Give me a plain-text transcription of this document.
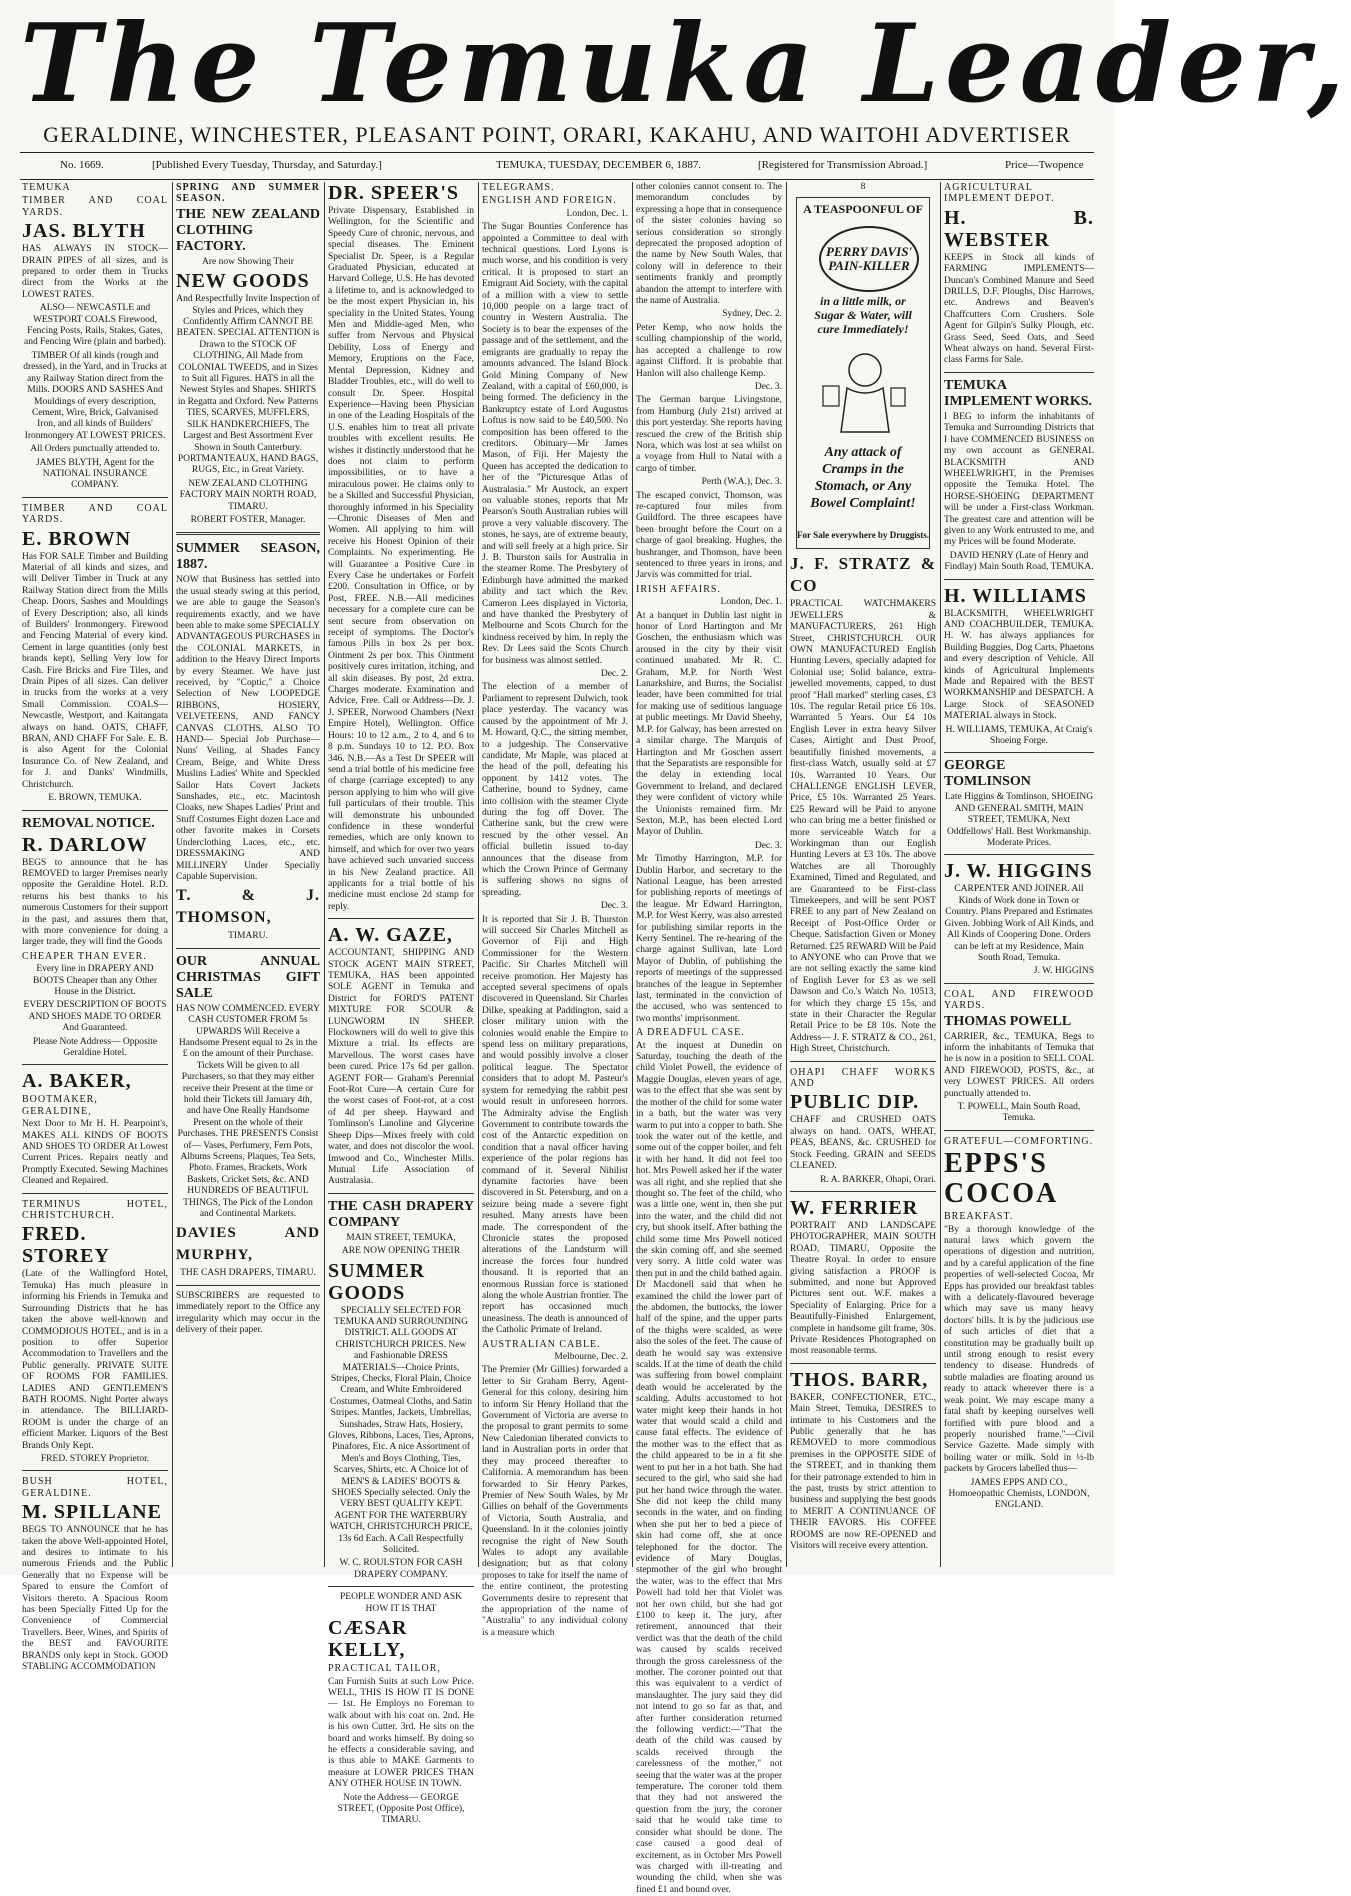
The Temuka Leader,
GERALDINE, WINCHESTER, PLEASANT POINT, ORARI, KAKAHU, AND WAITOHI ADVERTISER
No. 1669.	[Published Every Tuesday, Thursday, and Saturday.]	TEMUKA, TUESDAY, DECEMBER 6, 1887.	[Registered for Transmission Abroad.]	Price—Twopence

TEMUKA

TIMBER AND COAL YARDS.

JAS. BLYTH

HAS ALWAYS IN STOCK— DRAIN PIPES of all sizes, and is prepared to order them in Trucks direct from the Works at the LOWEST RATES.

ALSO— NEWCASTLE and WESTPORT COALS Firewood, Fencing Posts, Rails, Stakes, Gates, and Fencing Wire (plain and barbed).

TIMBER Of all kinds (rough and dressed), in the Yard, and in Trucks at any Railway Station direct from the Mills. DOORS AND SASHES And Mouldings of every description, Cement, Wire, Brick, Galvanised Iron, and all kinds of Builders' Ironmongery AT LOWEST PRICES.

All Orders punctually attended to.

JAMES BLYTH, Agent for the NATIONAL INSURANCE COMPANY.

TIMBER AND COAL YARDS.

E. BROWN

Has FOR SALE Timber and Building Material of all kinds and sizes, and will Deliver Timber in Truck at any Railway Station direct from the Mills Cheap. Doors, Sashes and Mouldings of Every Description; also, all kinds of Builders' Ironmongery. Firewood and Fencing Material of every kind. Cement in large quantities (only best brands kept), Selling Very low for Cash. Fire Bricks and Fire Tiles, and Drain Pipes of all sizes. Can deliver in trucks from the works at a very Small Commission. COALS—Newcastle, Westport, and Kaitangata always on hand. OATS, CHAFF, BRAN, AND CHAFF For Sale. E. B. is also Agent for the Colonial Insurance Co. of New Zealand, and for J. and Danks' Windmills, Christchurch.

E. BROWN, TEMUKA.

REMOVAL NOTICE.

R. DARLOW

BEGS to announce that he has REMOVED to larger Premises nearly opposite the Geraldine Hotel. R.D. returns his best thanks to his numerous Customers for their support in the past, and assures them that, with more convenience for doing a larger trade, they will find the Goods

CHEAPER THAN EVER.

Every line in DRAPERY AND BOOTS Cheaper than any Other House in the District.

EVERY DESCRIPTION OF BOOTS AND SHOES MADE TO ORDER And Guaranteed.

Please Note Address— Opposite Geraldine Hotel.

A. BAKER,

BOOTMAKER, GERALDINE,

Next Door to Mr H. H. Pearpoint's, MAKES ALL KINDS OF BOOTS AND SHOES TO ORDER At Lowest Current Prices. Repairs neatly and Promptly Executed. Sewing Machines Cleaned and Repaired.

TERMINUS HOTEL, CHRISTCHURCH.

FRED. STOREY

(Late of the Wallingford Hotel, Temuka) Has much pleasure in informing his Friends in Temuka and Surrounding Districts that he has taken the above well-known and COMMODIOUS HOTEL, and is in a position to offer Superior Accommodation to Travellers and the Public generally. PRIVATE SUITE OF ROOMS FOR FAMILIES. LADIES AND GENTLEMEN'S BATH ROOMS. Night Porter always in attendance. The BILLIARD-ROOM is under the charge of an efficient Marker. Liquors of the Best Brands Only Kept.

FRED. STOREY Proprietor.

BUSH HOTEL, GERALDINE.

M. SPILLANE

BEGS TO ANNOUNCE that he has taken the above Well-appointed Hotel, and desires to intimate to his numerous Friends and the Public Generally that no Expense will be Spared to ensure the Comfort of Visitors thereto. A Spacious Room has been Specially Fitted Up for the Convenience of Commercial Travellers. Beer, Wines, and Spirits of the BEST and FAVOURITE BRANDS only kept in Stock. GOOD STABLING ACCOMMODATION

SPRING AND SUMMER SEASON.

THE NEW ZEALAND CLOTHING FACTORY.

Are now Showing Their

NEW GOODS

And Respectfully Invite Inspection of Styles and Prices, which they Confidently Affirm CANNOT BE BEATEN. SPECIAL ATTENTION is Drawn to the STOCK OF CLOTHING, All Made from COLONIAL TWEEDS, and in Sizes to Suit all Figures. HATS in all the Newest Styles and Shapes. SHIRTS in Regatta and Oxford. New Patterns TIES, SCARVES, MUFFLERS, SILK HANDKERCHIEFS, The Largest and Best Assortment Ever Shown in South Canterbury. PORTMANTEAUX, HAND BAGS, RUGS, Etc., in Great Variety.

NEW ZEALAND CLOTHING FACTORY MAIN NORTH ROAD, TIMARU.

ROBERT FOSTER, Manager.

SUMMER SEASON, 1887.

NOW that Business has settled into the usual steady swing at this period, we are able to gauge the Season's requirements exactly, and we have been able to make some SPECIALLY ADVANTAGEOUS PURCHASES in the COLONIAL MARKETS, in addition to the Heavy Direct Imports by every Steamer. We have just received, by "Coptic," a Choice Selection of New LOOPEDGE RIBBONS, HOSIERY, VELVETEENS, AND FANCY CANVAS CLOTHS. ALSO TO HAND— Special Job Purchase—Nuns' Veiling, al Shades Fancy Cream, Beige, and White Dress Muslins Ladies' White and Speckled Sailor Hats Covert Jackets Sunshades, etc., etc. Macintosh Cloaks, new Shapes Ladies' Print and Stuff Costumes Eight dozen Lace and other favorite makes in Corsets Underclothing Laces, etc., etc. DRESSMAKING AND MILLINERY Under Specially Capable Supervision.

T. & J. THOMSON,

TIMARU.

OUR ANNUAL CHRISTMAS GIFT SALE

HAS NOW COMMENCED. EVERY CASH CUSTOMER FROM 5s UPWARDS Will Receive a Handsome Present equal to 2s in the £ on the amount of their Purchase. Tickets Will be given to all Purchasers, so that they may either receive their Present at the time or hold their Tickets till January 4th, and have One Really Handsome Present on the whole of their Purchases. THE PRESENTS Consist of— Vases, Perfumery, Fern Pots, Albums Screens, Plaques, Tea Sets, Photo. Frames, Brackets, Work Baskets, Cricket Sets, &c. AND HUNDREDS OF BEAUTIFUL THINGS, The Pick of the London and Continental Markets.

DAVIES AND MURPHY,

THE CASH DRAPERS, TIMARU.

SUBSCRIBERS are requested to immediately report to the Office any irregularity which may occur in the delivery of their paper.

DR. SPEER'S

Private Dispensary, Established in Wellington, for the Scientific and Speedy Cure of chronic, nervous, and special diseases. The Eminent Specialist Dr. Speer, is a Regular Graduated Physician, educated at Harvard College, U.S. He has devoted a lifetime to, and is acknowledged to be the most expert Physician in, his speciality in the United States. Young Men and Middle-aged Men, who suffer from Nervous and Physical Debility, Loss of Energy and Memory, Eruptions on the Face, Mental Depression, Kidney and Bladder Troubles, etc., will do well to consult Dr. Speer. Hospital Experience—Having been Physician in one of the Leading Hospitals of the U.S. enables him to treat all private troubles with excellent results. He wishes it distinctly understood that he does not claim to perform impossibilities, or to have a miraculous power. He claims only to be a Skilled and Successful Physician, thoroughly informed in his Speciality—Chronic Diseases of Men and Women. All applying to him will receive his Honest Opinion of their Complaints. No experimenting. He will Guarantee a Positive Cure in Every Case he undertakes or Forfeit £200. Consultation in Office, or by Post, FREE. N.B.—All medicines necessary for a complete cure can be sent secure from observation on receipt of symptoms. The Doctor's famous Pills in box 2s per box. Ointment 2s per box. This Ointment positively cures irritation, itching, and all skin diseases. By post, 2d extra. Charges moderate. Examination and Advice, Free. Call or Address—Dr. J. J. SPEER, Norwood Chambers (Next Empire Hotel), Wellington. Office Hours: 10 to 12 a.m., 2 to 4, and 6 to 8 p.m. Sundays 10 to 12. P.O. Box 346. N.B.—As a Test Dr SPEER will send a trial bottle of his medicine free of charge (carriage excepted) to any person applying to him who will give full particulars of their trouble. This will demonstrate his unbounded confidence in these wonderful remedies, which are only known to himself, and which for over two years have achieved such unvaried success in his New Zealand practice. All applicants for a trial bottle of his medicine must enclose 2d stamp for reply.

A. W. GAZE,

ACCOUNTANT, SHIPPING AND STOCK AGENT MAIN STREET, TEMUKA, HAS been appointed SOLE AGENT in Temuka and District for FORD'S PATENT MIXTURE FOR SCOUR & LUNGWORM IN SHEEP. Flockowners will do well to give this Mixture a trial. Its effects are Marvellous. The worst cases have been cured. Price 17s 6d per gallon. AGENT FOR— Graham's Perennial Foot-Rot Cure—A certain Cure for the worst cases of Foot-rot, at a cost of 4d per sheep. Hayward and Tomlinson's Lanoline and Glycerine Sheep Dips—Mixes freely with cold water, and does not discolor the wool. Imwood and Co., Winchester Mills. Mutual Life Association of Australasia.

THE CASH DRAPERY COMPANY

MAIN STREET, TEMUKA,

ARE NOW OPENING THEIR

SUMMER GOODS

SPECIALLY SELECTED FOR TEMUKA AND SURROUNDING DISTRICT. ALL GOODS AT CHRISTCHURCH PRICES. New and Fashionable DRESS MATERIALS—Choice Prints, Stripes, Checks, Floral Plain, Choice Cream, and White Embroidered Costumes, Oatmeal Cloths, and Satin Stripes. Mantles, Jackets, Umbrellas, Sunshades, Straw Hats, Hosiery, Gloves, Ribbons, Laces, Ties, Aprons, Pinafores, Etc. A nice Assortment of Men's and Boys Clothing, Ties, Scarves, Shirts, etc. A Choice lot of MEN'S & LADIES' BOOTS & SHOES Specially selected. Only the VERY BEST QUALITY KEPT. AGENT FOR THE WATERBURY WATCH, CHRISTCHURCH PRICE, 13s 6d Each. A Call Respectfully Solicited.

W. C. ROULSTON FOR CASH DRAPERY COMPANY.

PEOPLE WONDER AND ASK HOW IT IS THAT

CÆSAR KELLY,

PRACTICAL TAILOR,

Can Furnish Suits at such Low Price. WELL, THIS IS HOW IT IS DONE— 1st. He Employs no Foreman to walk about with his coat on. 2nd. He is his own Cutter. 3rd. He sits on the board and works himself. By doing so he effects a considerable saving, and is thus able to MAKE Garments to measure at LOWER PRICES THAN ANY OTHER HOUSE IN TOWN.

Note the Address— GEORGE STREET, (Opposite Post Office), TIMARU.

TELEGRAMS.

ENGLISH AND FOREIGN.

London, Dec. 1.

The Sugar Bounties Conference has appointed a Committee to deal with technical questions. Lord Lyons is much worse, and his condition is very critical. It is proposed to start an Emigrant Aid Society, with the capital of a million with a view to settle 10,000 people on a large tract of country in Western Australia. The Society is to bear the expenses of the passage and of the settlement, and the emigrants are gradually to repay the amounts advanced. The Island Block Gold Mining Company of New Zealand, with a capital of £60,000, is being formed. The deficiency in the Bankruptcy estate of Lord Augustus Loftus is now said to be £40,500. No composition has been offered to the creditors. Obituary—Mr James Mason, of Fiji. Her Majesty the Queen has accepted the dedication to her of the "Picturesque Atlas of Australasia." Mr Austock, an expert on valuable stones, reports that Mr Pearson's South Australian rubies will prove a very valuable discovery. The stones, he says, are of extreme beauty, and will sell freely at a high price. Sir J. B. Thurston sails for Australia in the steamer Rome. The Presbytery of Edinburgh have admitted the marked ability and tact which the Rev. Cameron Lees displayed in Victoria, and have thanked the Presbytery of Melbourne and Scots Church for the kindness received by him. In reply the Rev. Dr Lees said the Scots Church for business was almost settled.

Dec. 2.

The election of a member of Parliament to represent Dulwich, took place yesterday. The vacancy was caused by the appointment of Mr J. M. Howard, Q.C., the sitting member, to a judgeship. The Conservative candidate, Mr Maple, was placed at the head of the poll, defeating his opponent by 1412 votes. The Catherine, bound to Sydney, came into collision with the steamer Clyde during the fog off Dover. The Catherine sank, but the crew were rescued by the other vessel. An official bulletin issued to-day announces that the disease from which the Crown Prince of Germany is suffering shows no signs of spreading.

Dec. 3.

It is reported that Sir J. B. Thurston will succeed Sir Charles Mitchell as Governor of Fiji and High Commissioner for the Western Pacific. Sir Charles Mitchell will receive promotion. Her Majesty has accepted several specimens of opals discovered in Queensland. Sir Charles Dilke, speaking at Paddington, said a closer military union with the colonies would enable the Empire to spend less on military preparations, and would possibly involve a closer political league. The Spectator considers that to adopt M. Pasteur's system for remedying the rabbit pest would result in unforeseen horrors. The Admiralty advise the English Government to contribute towards the cost of the Antarctic expedition on condition that a naval officer having experience of the polar regions has command of it. Several Nihilist dynamite factories have been discovered in St. Petersburg, and on a seizure being made a severe fight resulted. Many arrests have been made. The correspondent of the Chronicle states the proposed alterations of the Landsturm will increase the forces four hundred thousand. It is reported that an enormous Russian force is stationed along the whole Austrian frontier. The report has occasioned much uneasiness. The death is announced of the Catholic Primate of Ireland.

AUSTRALIAN CABLE.

Melbourne, Dec. 2.

The Premier (Mr Gillies) forwarded a letter to Sir Graham Berry, Agent-General for this colony, desiring him to inform Sir Henry Holland that the Government of Victoria are averse to the proposal to grant permits to some New Caledonian liberated convicts to land in Australian ports in order that they may proceed thereafter to California. A memorandum has been forwarded to Sir Henry Parkes, Premier of New South Wales, by Mr Gillies on behalf of the Governments of Victoria, South Australia, and Queensland. In it the colonies jointly recognise the right of New South Wales to adopt any available designation; but as that colony proposes to take for itself the name of the entire continent, the protesting Governments desire to represent that the appropriation of the name of "Australia" to any individual colony is a measure which

other colonies cannot consent to. The memorandum concludes by expressing a hope that in consequence of the sister colonies having so serious consideration so strongly deprecated the proposed adoption of the name by New South Wales, that colony will in deference to their sentiments frankly and promptly abandon the attempt to interfere with the name of Australia.

Sydney, Dec. 2.

Peter Kemp, who now holds the sculling championship of the world, has accepted a challenge to row against Clifford. It is probable that Hanlon will also challenge Kemp.

Dec. 3.

The German barque Livingstone, from Hamburg (July 21st) arrived at this port yesterday. She reports having rescued the crew of the British ship Nora, which was lost at sea whilst on a voyage from Hull to Natal with a cargo of timber.

Perth (W.A.), Dec. 3.

The escaped convict, Thomson, was re-captured four miles from Guildford. The three escapees have been brought before the Court on a charge of gaol breaking. Hughes, the bushranger, and Thomson, have been sentenced to three years in irons, and Jarvis was committed for trial.

IRISH AFFAIRS.

London, Dec. 1.

At a banquet in Dublin last night in honor of Lord Hartington and Mr Goschen, the enthusiasm which was aroused in the city by their visit continued unabated. Mr R. C. Graham, M.P. for North West Lanarkshire, and Burns, the Socialist leader, have been committed for trial for making use of seditious language at public meetings. Mr David Sheehy, M.P. for Galway, has been arrested on a similar charge. The Marquis of Hartington and Mr Goschen assert that the Separatists are responsible for the delay in extending local Government to Ireland, and declared they were confident of victory while the Unionists remained firm. Mr Sexton, M.P., has been elected Lord Mayor of Dublin.

Dec. 3.

Mr Timothy Harrington, M.P. for Dublin Harbor, and secretary to the National League, has been arrested for publishing reports of meetings of the league. Mr Edward Harrington, M.P. for West Kerry, was also arrested for publishing similar reports in the Kerry Sentinel. The re-hearing of the charge against Sullivan, late Lord Mayor of Dublin, of publishing the reports of meetings of the suppressed branches of the league in September last, terminated in the conviction of the accused, who was sentenced to two months' imprisonment.

A DREADFUL CASE.

At the inquest at Dunedin on Saturday, touching the death of the child Violet Powell, the evidence of Maggie Douglas, eleven years of age, was to the effect that she was sent by the mother of the child for some water in a bath, but the water was very warm to put into a copper to bath. She took the water out of the kettle, and some out of the copper boiler, and felt it with her hand. It did not feel too hot. Mrs Powell asked her if the water was all right, and she replied that she thought so. The feet of the child, who was a little one, went in, then she put into the water, and the child did not cry, but shook itself. After bathing the child some time Mrs Powell noticed the skin coming off, and she seemed very sorry. A little cold water was then put in and the child bathed again. Dr Macdonell said that when he examined the child the lower part of the abdomen, the buttocks, the lower half of the spine, and the upper parts of the thighs were scalded, as were also the soles of the feet. The cause of death he would say was extensive scalds. If at the time of death the child was suffering from bowel complaint death would be accelerated by the scalding. Adults accustomed to hot water might keep their hands in hot water that would scald a child and cause fatal effects. The evidence of the mother was to the effect that as the child appeared to be in a fit she went to put her in a hot bath. She had secured to the girl, who said she had put her hand twice through the water. She did not keep the child many seconds in the water, and on finding when she put her to bed a piece of skin had come off, she at once telephoned for the doctor. The evidence of Mary Douglas, stepmother of the girl who brought the water, was to the effect that Mrs Powell had told her that Violet was not her own child, but she had got £100 to keep it. The jury, after retirement, announced that their verdict was that the death of the child was caused by scalds received through the gross carelessness of the mother. The coroner pointed out that this was equivalent to a verdict of manslaughter. The jury said they did not intend to go so far as that, and after further consideration returned the following verdict:—"That the death of the child was caused by scalds received through the carelessness of the mother," not seeing that the water was at the proper temperature. The coroner told them that they had not answered the question from the jury, the coroner said that he would take time to consider what should be done. The case caused a good deal of excitement, as in October Mrs Powell was charged with ill-treating and wounding the child, when she was fined £1 and bound over.

8

A TEASPOONFUL OF
PERRY DAVIS' PAIN-KILLER
in a little milk, or Sugar & Water, will cure Immediately!
Any attack of Cramps in the Stomach, or Any Bowel Complaint!
For Sale everywhere by Druggists.

J. F. STRATZ & CO

PRACTICAL WATCHMAKERS JEWELLERS & MANUFACTURERS, 261 High Street, CHRISTCHURCH. OUR OWN MANUFACTURED English Hunting Levers, specially adapted for Colonial use; Solid balance, extra-jewelled movements, capped, to dust proof "Hall marked" sterling cases, £3 10s. The regular Retail price £6 10s. Warranted 5 Years. Our £4 10s English Lever in extra heavy Silver Cases, Airtight and Dust Proof, beautifully finished movements, a first-class Watch, usually sold at £7 10s. Warranted 10 Years. Our CHALLENGE ENGLISH LEVER, Price, £5 10s. Warranted 25 Years. £25 Reward will be Paid to anyone who can bring me a better finished or more serviceable Watch for a Workingman than our English Hunting Levers at £3 10s. The above Watches are all Thoroughly Examined, Timed and Regulated, and are Guaranteed to be First-class Timekeepers, and will be sent POST FREE to any part of New Zealand on Receipt of Post-Office Order or Cheque. Satisfaction Given or Money Returned. £25 REWARD Will be Paid to ANYONE who can Prove that we are not selling exactly the same kind of English Lever for £3 as we sell Dawson and Co.'s Watch No. 10513, for which they charge £5 15s, and state in their Character the Regular Retail Price to be £8 10s. Note the Address— J. F. STRATZ & CO., 261, High Street, Christchurch.

OHAPI CHAFF WORKS AND

PUBLIC DIP.

CHAFF and CRUSHED OATS always on hand. OATS, WHEAT, PEAS, BEANS, &c. CRUSHED for Stock Feeding. GRAIN and SEEDS CLEANED.

R. A. BARKER, Ohapi, Orari.

W. FERRIER

PORTRAIT AND LANDSCAPE PHOTOGRAPHER, MAIN SOUTH ROAD, TIMARU, Opposite the Theatre Royal. In order to ensure giving satisfaction a PROOF is submitted, and none but Approved Pictures sent out. W.F. makes a Speciality of Enlarging. Price for a Beautifully-Finished Enlargement, complete in handsome gilt frame, 30s. Private Residences Photographed on most reasonable terms.

THOS. BARR,

BAKER, CONFECTIONER, ETC., Main Street, Temuka, DESIRES to intimate to his Customers and the Public generally that he has REMOVED to more commodious premises in the OPPOSITE SIDE of the STREET, and in thanking them for their patronage extended to him in the past, trusts by strict attention to business and supplying the best goods to MERIT A CONTINUANCE OF THEIR FAVORS. His COFFEE ROOMS are now RE-OPENED and Visitors will receive every attention.

AGRICULTURAL IMPLEMENT DEPOT.

H. B. WEBSTER

KEEPS in Stock all kinds of FARMING IMPLEMENTS— Duncan's Combined Manure and Seed DRILLS, D.F. Ploughs, Disc Harrows, etc. Andrews and Beaven's Chaffcutters Corn Crushers. Sole Agent for Gilpin's Sulky Plough, etc. Grass Seed, Seed Oats, and Seed Wheat always on hand. Several First-class Farms for Sale.

TEMUKA IMPLEMENT WORKS.

I BEG to inform the inhabitants of Temuka and Surrounding Districts that I have COMMENCED BUSINESS on my own account as GENERAL BLACKSMITH AND WHEELWRIGHT, in the Premises opposite the Temuka Hotel. The HORSE-SHOEING DEPARTMENT will be under a First-class Workman. The greatest care and attention will be given to any Work entrusted to me, and my Prices will be found Moderate.

DAVID HENRY (Late of Henry and Findlay) Main South Road, TEMUKA.

H. WILLIAMS

BLACKSMITH, WHEELWRIGHT AND COACHBUILDER, TEMUKA. H. W. has always appliances for Building Buggies, Dog Carts, Phaetons and every description of Vehicle. All kinds of Agricultural Implements Made and Repaired with the BEST WORKMANSHIP and DESPATCH. A Large Stock of SEASONED MATERIAL always in Stock.

H. WILLIAMS, TEMUKA, At Craig's Shoeing Forge.

GEORGE TOMLINSON

Late Higgins & Tomlinson, SHOEING AND GENERAL SMITH, MAIN STREET, TEMUKA, Next Oddfellows' Hall. Best Workmanship. Moderate Prices.

J. W. HIGGINS

CARPENTER AND JOINER. All Kinds of Work done in Town or Country. Plans Prepared and Estimates Given. Jobbing Work of All Kinds, and All Kinds of Coopering Done. Orders can be left at my Residence, Main South Road, Temuka.

J. W. HIGGINS

COAL AND FIREWOOD YARDS.

THOMAS POWELL

CARRIER, &c., TEMUKA, Begs to inform the inhabitants of Temuka that he is now in a position to SELL COAL AND FIREWOOD, POSTS, &c., at very LOWEST PRICES. All orders punctually attended to.

T. POWELL, Main South Road, Temuka.

GRATEFUL—COMFORTING.

EPPS'S COCOA

BREAKFAST.

"By a thorough knowledge of the natural laws which govern the operations of digestion and nutrition, and by a careful application of the fine properties of well-selected Cocoa, Mr Epps has provided our breakfast tables with a delicately-flavoured beverage which may save us many heavy doctors' bills. It is by the judicious use of such articles of diet that a constitution may be gradually built up until strong enough to resist every tendency to disease. Hundreds of subtle maladies are floating around us ready to attack wherever there is a weak point. We may escape many a fatal shaft by keeping ourselves well fortified with pure blood and a properly nourished frame."—Civil Service Gazette. Made simply with boiling water or milk. Sold in ½-lb packets by Grocers labelled thus—

JAMES EPPS AND CO., Homoeopathic Chemists, LONDON, ENGLAND.
